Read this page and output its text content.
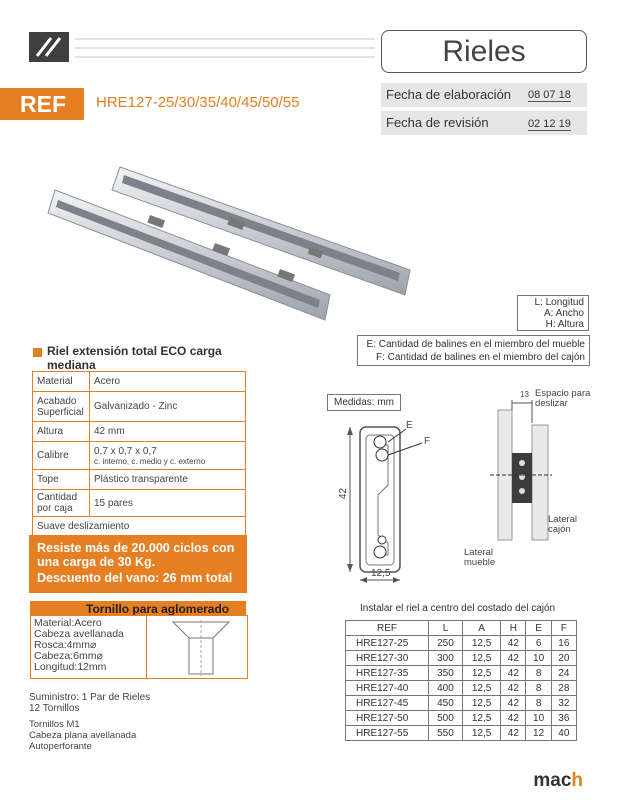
Rieles
REF	HRE127-25/30/35/40/45/50/55	Fecha de elaboración 08 07 18
Fecha de revisión	02 12 19
L: Longitud
A: Ancho
H: Altura
E: Cantidad de balines en el miembro del mueble
F: Cantidad de balines en el miembro del cajón
Riel extensión total ECO carga
mediana
Material	Acero
Acabado Superficial	Galvanizado - Zinc
Altura	42 mm
Calibre	0,7 x 0,7 x 0,7
c. interno, c. medio y c. externo

Tope	Plástico transparente
Cantidad por caja	15 pares
Suave deslizamiento	
Resiste más de 20.000 ciclos con una carga de 30 Kg.
Descuento del vano: 26 mm total
Tornillo para aglomerado
Material:Acero
Cabeza avellanada
Rosca:4mm⌀
Cabeza:6mm⌀
Longitud:12mm
Suministro: 1 Par de Rieles
12 Tornillos
Tornillos M1
Cabeza plana avellanada
Autoperforante
Medidas: mm
E
F
42
12,5
13 Espacio para deslizar
Lateral cajón
Lateral mueble
Instalar el riel a centro del costado del cajón
REF	L	A	H	E	F
HRE127-25	250	12,5	42	6	16
HRE127-30	300	12,5	42	10	20
HRE127-35	350	12,5	42	8	24
HRE127-40	400	12,5	42	8	28
HRE127-45	450	12,5	42	8	32
HRE127-50	500	12,5	42	10	36
HRE127-55	550	12,5	42	12	40
mach
